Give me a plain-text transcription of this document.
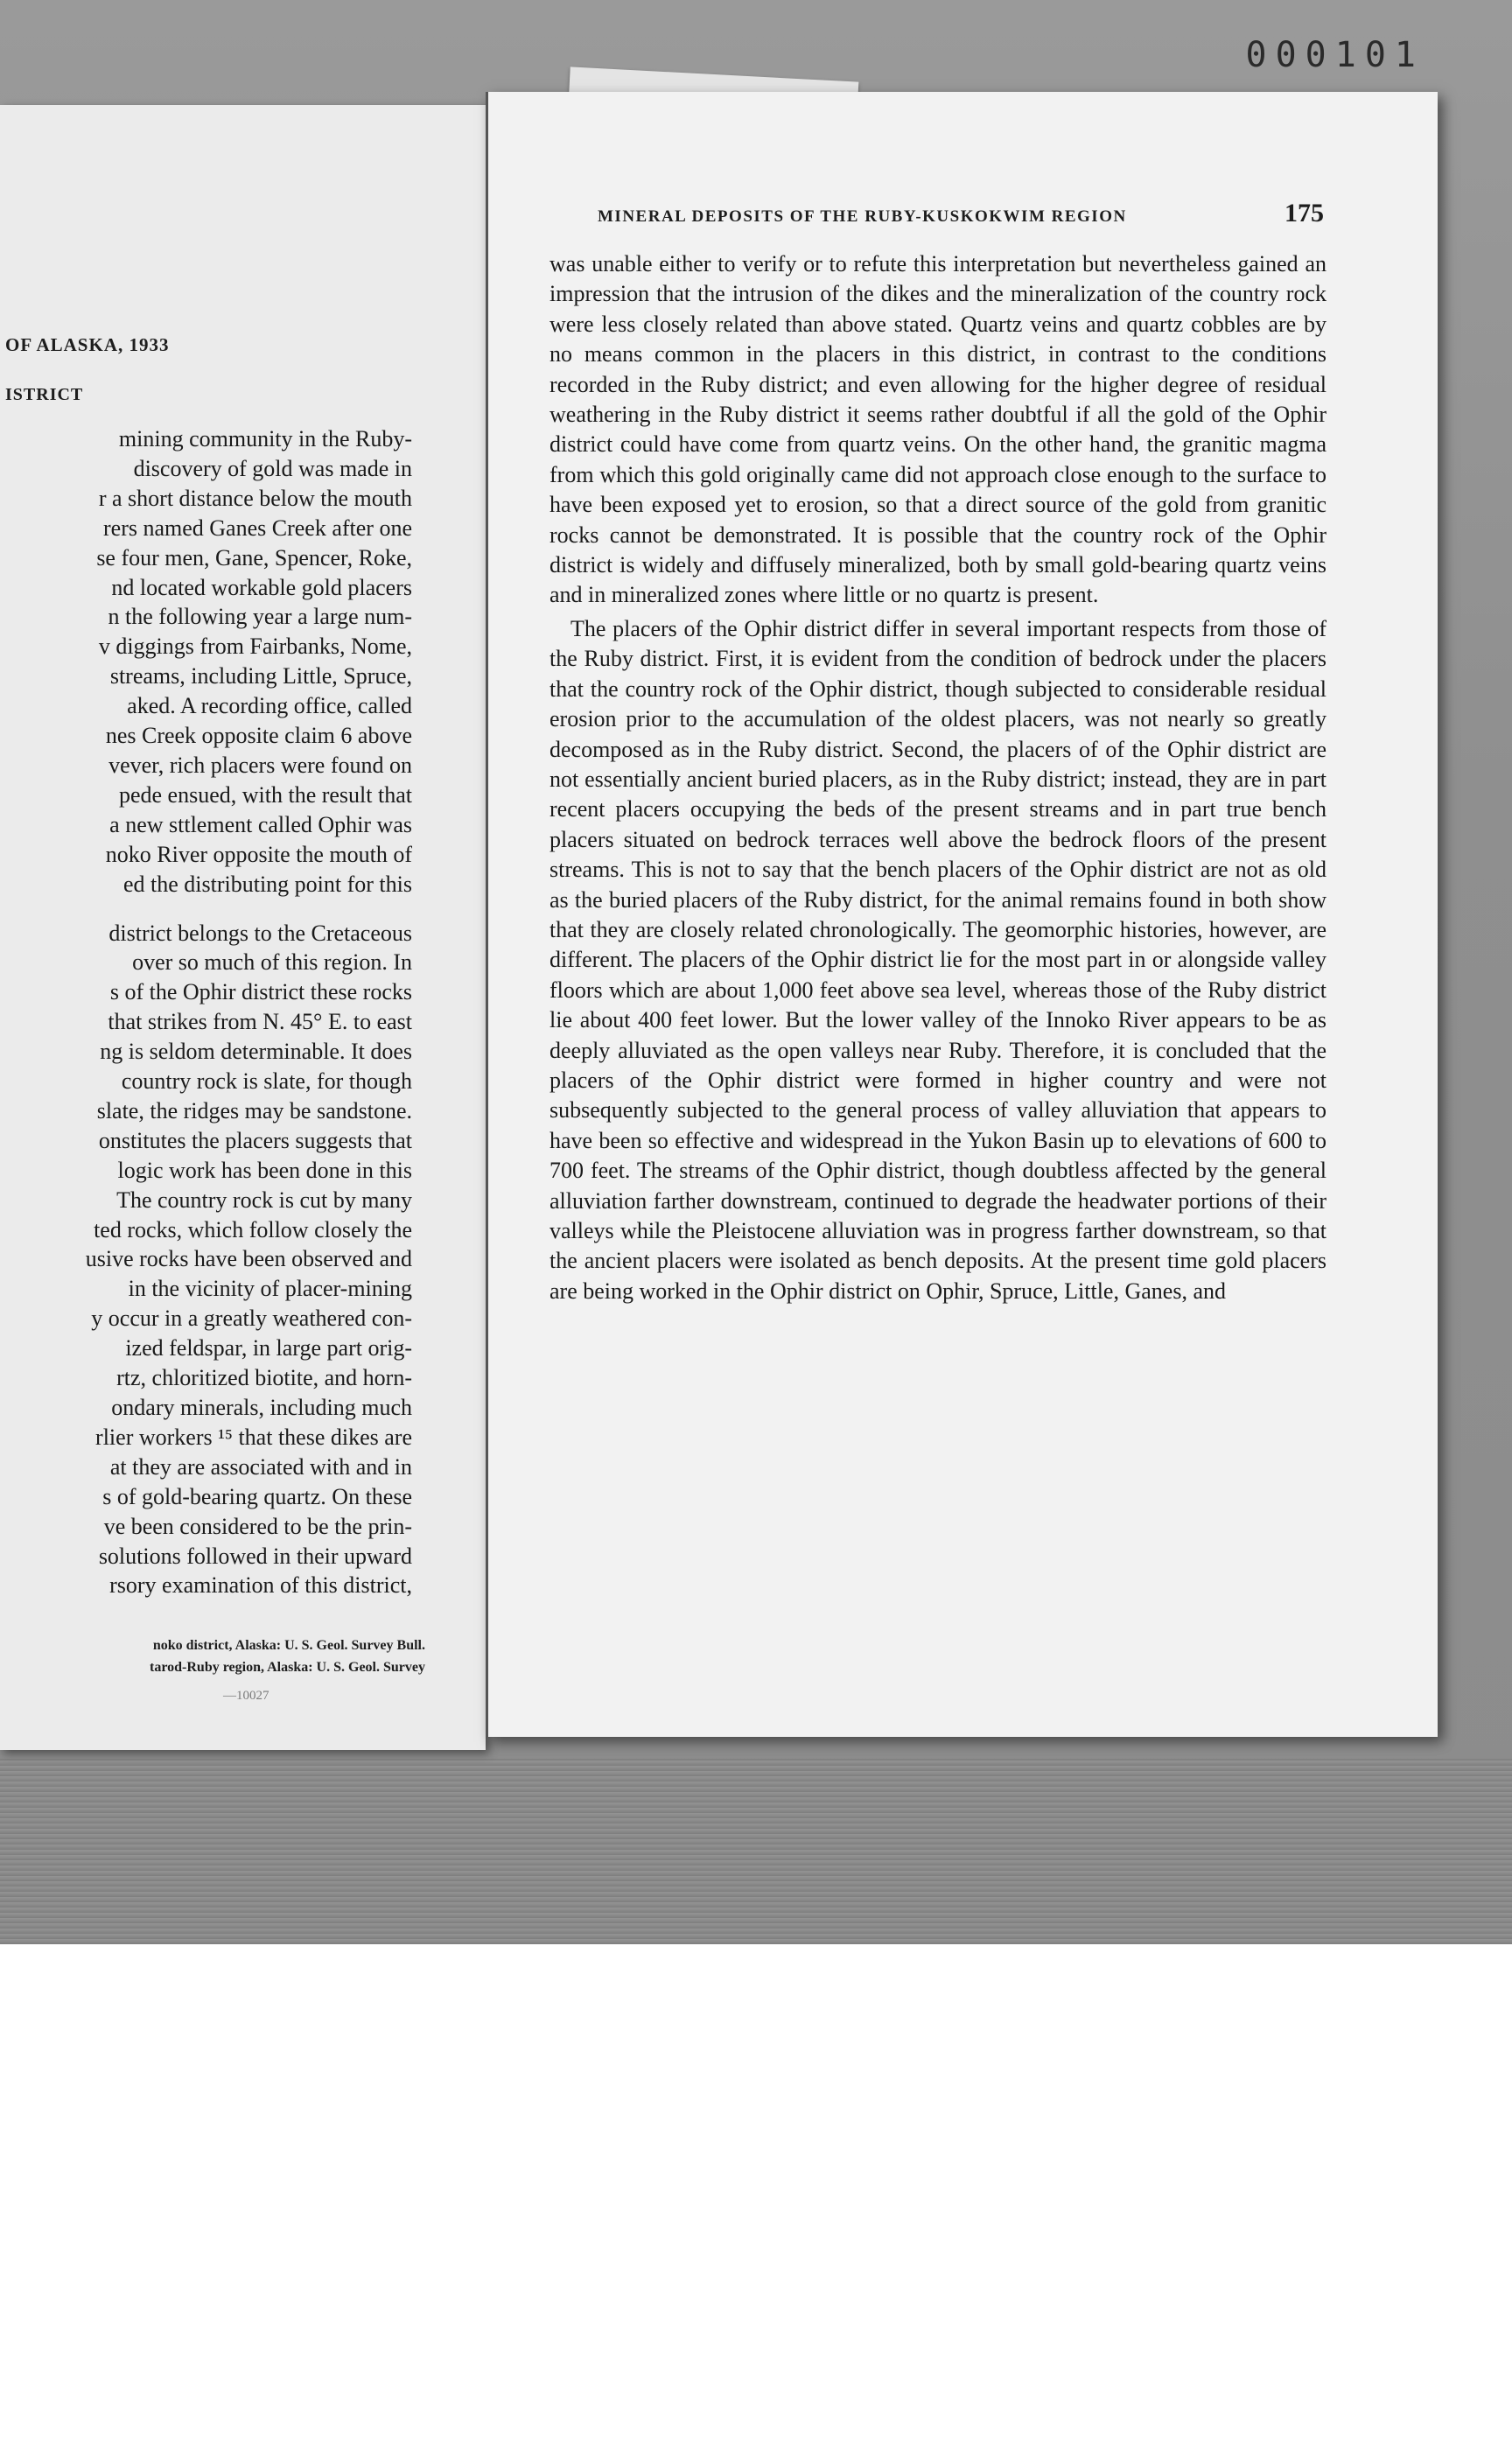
000101
OF ALASKA, 1933
ISTRICT
mining community in the Ruby-
discovery of gold was made in
r a short distance below the mouth
rers named Ganes Creek after one
se four men, Gane, Spencer, Roke,
nd located workable gold placers
n the following year a large num-
v diggings from Fairbanks, Nome,
streams, including Little, Spruce,
aked. A recording office, called
nes Creek opposite claim 6 above
vever, rich placers were found on
pede ensued, with the result that
a new sttlement called Ophir was
noko River opposite the mouth of
ed the distributing point for this
district belongs to the Cretaceous
over so much of this region. In
s of the Ophir district these rocks
that strikes from N. 45° E. to east
ng is seldom determinable. It does
country rock is slate, for though
slate, the ridges may be sandstone.
onstitutes the placers suggests that
logic work has been done in this
The country rock is cut by many
ted rocks, which follow closely the
usive rocks have been observed and
in the vicinity of placer-mining
y occur in a greatly weathered con-
ized feldspar, in large part orig-
rtz, chloritized biotite, and horn-
ondary minerals, including much
rlier workers ¹⁵ that these dikes are
at they are associated with and in
s of gold-bearing quartz. On these
ve been considered to be the prin-
solutions followed in their upward
rsory examination of this district,
noko district, Alaska: U. S. Geol. Survey Bull.
tarod-Ruby region, Alaska: U. S. Geol. Survey
—10027
MINERAL DEPOSITS OF THE RUBY-KUSKOKWIM REGION	175

was unable either to verify or to refute this interpretation but nevertheless gained an impression that the intrusion of the dikes and the mineralization of the country rock were less closely related than above stated. Quartz veins and quartz cobbles are by no means common in the placers in this district, in contrast to the conditions recorded in the Ruby district; and even allowing for the higher degree of residual weathering in the Ruby district it seems rather doubtful if all the gold of the Ophir district could have come from quartz veins. On the other hand, the granitic magma from which this gold originally came did not approach close enough to the surface to have been exposed yet to erosion, so that a direct source of the gold from granitic rocks cannot be demonstrated. It is possible that the country rock of the Ophir district is widely and diffusely mineralized, both by small gold-bearing quartz veins and in mineralized zones where little or no quartz is present.

The placers of the Ophir district differ in several important respects from those of the Ruby district. First, it is evident from the condition of bedrock under the placers that the country rock of the Ophir district, though subjected to considerable residual erosion prior to the accumulation of the oldest placers, was not nearly so greatly decomposed as in the Ruby district. Second, the placers of of the Ophir district are not essentially ancient buried placers, as in the Ruby district; instead, they are in part recent placers occupying the beds of the present streams and in part true bench placers situated on bedrock terraces well above the bedrock floors of the present streams. This is not to say that the bench placers of the Ophir district are not as old as the buried placers of the Ruby district, for the animal remains found in both show that they are closely related chronologically. The geomorphic histories, however, are different. The placers of the Ophir district lie for the most part in or alongside valley floors which are about 1,000 feet above sea level, whereas those of the Ruby district lie about 400 feet lower. But the lower valley of the Innoko River appears to be as deeply alluviated as the open valleys near Ruby. Therefore, it is concluded that the placers of the Ophir district were formed in higher country and were not subsequently subjected to the general process of valley alluviation that appears to have been so effective and widespread in the Yukon Basin up to elevations of 600 to 700 feet. The streams of the Ophir district, though doubtless affected by the general alluviation farther downstream, continued to degrade the headwater portions of their valleys while the Pleistocene alluviation was in progress farther downstream, so that the ancient placers were isolated as bench deposits. At the present time gold placers are being worked in the Ophir district on Ophir, Spruce, Little, Ganes, and
